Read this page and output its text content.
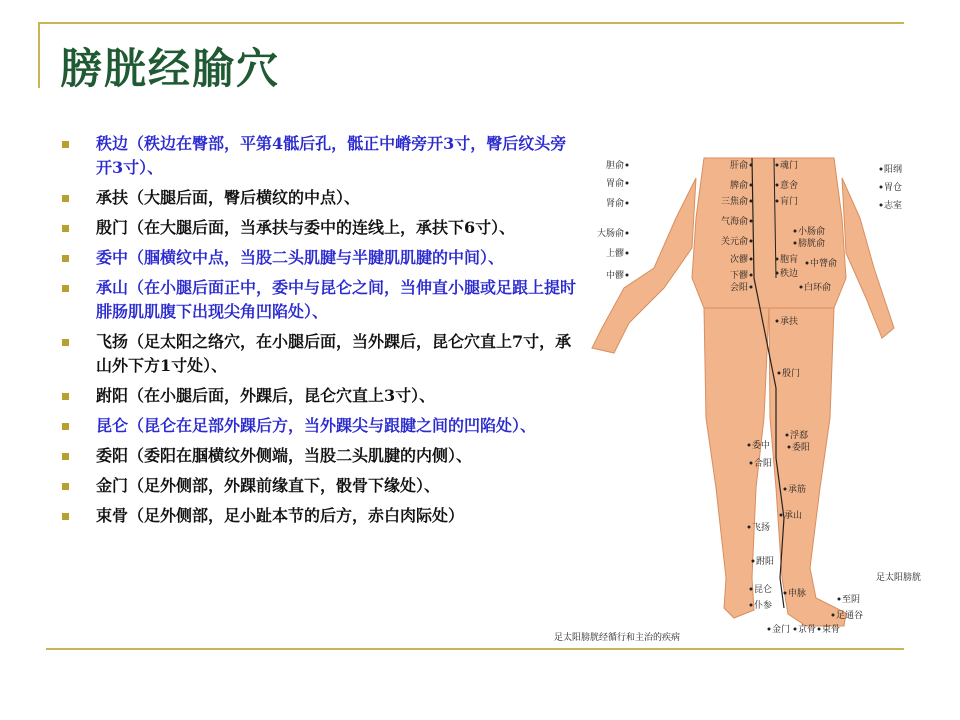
膀胱经腧穴
秩边（秩边在臀部，平第4骶后孔，骶正中嵴旁开3寸，臀后纹头旁开3寸）、
承扶（大腿后面，臀后横纹的中点）、
殷门（在大腿后面，当承扶与委中的连线上，承扶下6寸）、
委中（腘横纹中点，当股二头肌腱与半腱肌肌腱的中间）、
承山（在小腿后面正中，委中与昆仑之间，当伸直小腿或足跟上提时腓肠肌肌腹下出现尖角凹陷处）、
飞扬（足太阳之络穴，在小腿后面，当外踝后，昆仑穴直上7寸，承山外下方1寸处）、
跗阳（在小腿后面，外踝后，昆仑穴直上3寸）、
昆仑（昆仑在足部外踝后方，当外踝尖与跟腱之间的凹陷处）、
委阳（委阳在腘横纹外侧端，当股二头肌腱的内侧）、
金门（足外侧部，外踝前缘直下，骰骨下缘处）、
束骨（足外侧部，足小趾本节的后方，赤白肉际处）
胆俞
胃俞
肾俞
大肠俞
上髎
中髎
肝俞
脾俞
三焦俞
气海俞
关元俞
次髎
下髎
会阳
魂门
意舍
肓门
小肠俞
膀胱俞
胞肓 中膂俞
秩边
白环俞
阳纲
胃仓
志室
承扶
殷门
浮郄
委中 委阳
合阳
承筋
承山
飞扬
跗阳
昆仑
仆参
申脉
至阴
足通谷
金门 京骨 束骨
足太阳膀胱
足太阳膀胱经循行和主治的疾病
